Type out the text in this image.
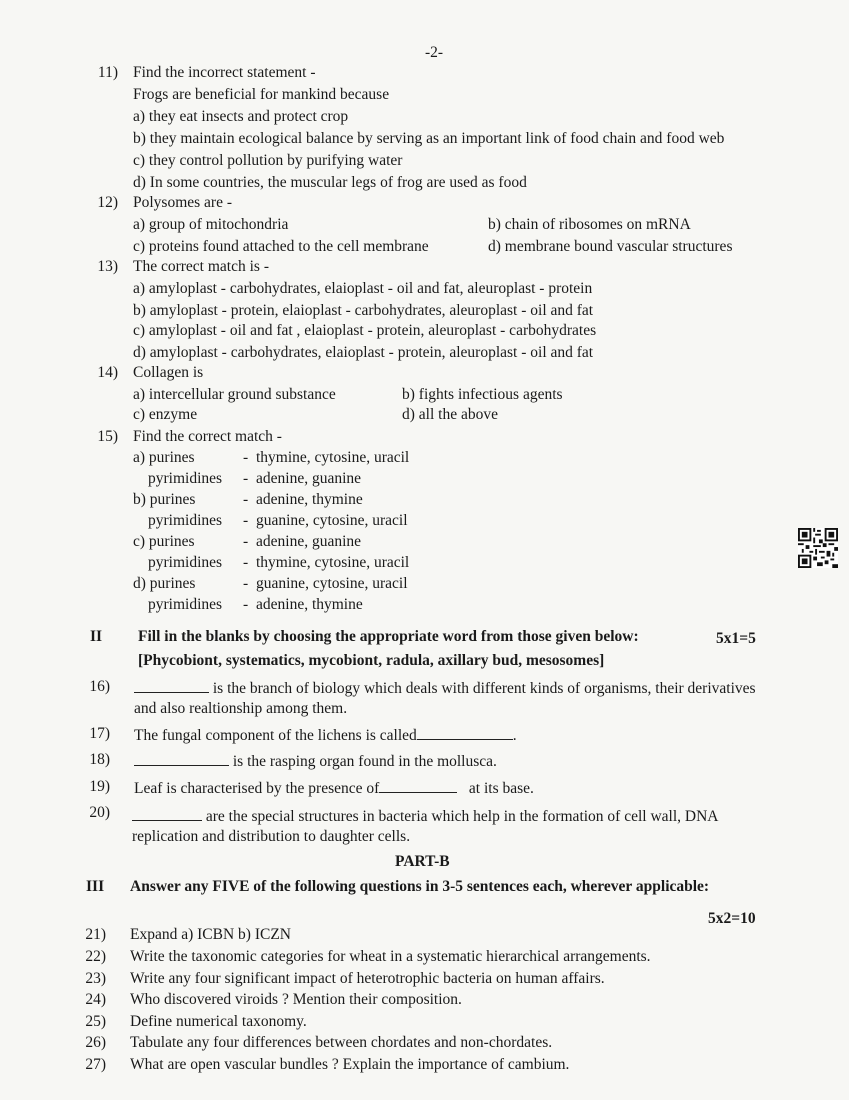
-2-
11) Find the incorrect statement -
Frogs are beneficial for mankind because
a) they eat insects and protect crop
b) they maintain ecological balance by serving as an important link of food chain and food web
c) they control pollution by purifying water
d) In some countries, the muscular legs of frog are used as food
12) Polysomes are -
a) group of mitochondria	b) chain of ribosomes on mRNA
c) proteins found attached to the cell membrane	d) membrane bound vascular structures
13) The correct match is -
a) amyloplast - carbohydrates, elaioplast - oil and fat, aleuroplast - protein
b) amyloplast - protein, elaioplast - carbohydrates, aleuroplast - oil and fat
c) amyloplast - oil and fat , elaioplast - protein, aleuroplast - carbohydrates
d) amyloplast - carbohydrates, elaioplast - protein, aleuroplast - oil and fat
14) Collagen is
a) intercellular ground substance	b) fights infectious agents
c) enzyme	d) all the above
15) Find the correct match -
a) purines	- thymine, cytosine, uracil
pyrimidines - adenine, guanine
b) purines	- adenine, thymine
pyrimidines - guanine, cytosine, uracil
c) purines	- adenine, guanine
pyrimidines - thymine, cytosine, uracil
d) purines	- guanine, cytosine, uracil
pyrimidines - adenine, thymine
II Fill in the blanks by choosing the appropriate word from those given below:	5x1=5
[Phycobiont, systematics, mycobiont, radula, axillary bud, mesosomes]
16)	is the branch of biology which deals with different kinds of organisms, their derivatives
and also realtionship among them.
17) The fungal component of the lichens is called	.
18)	is the rasping organ found in the mollusca.
19) Leaf is characterised by the presence of	at its base.
20)	are the special structures in bacteria which help in the formation of cell wall, DNA
replication and distribution to daughter cells.
PART-B
III Answer any FIVE of the following questions in 3-5 sentences each, wherever applicable:
5x2=10
21) Expand a) ICBN b) ICZN
22) Write the taxonomic categories for wheat in a systematic hierarchical arrangements.
23) Write any four significant impact of heterotrophic bacteria on human affairs.
24) Who discovered viroids ? Mention their composition.
25) Define numerical taxonomy.
26) Tabulate any four differences between chordates and non-chordates.
27) What are open vascular bundles ? Explain the importance of cambium.
